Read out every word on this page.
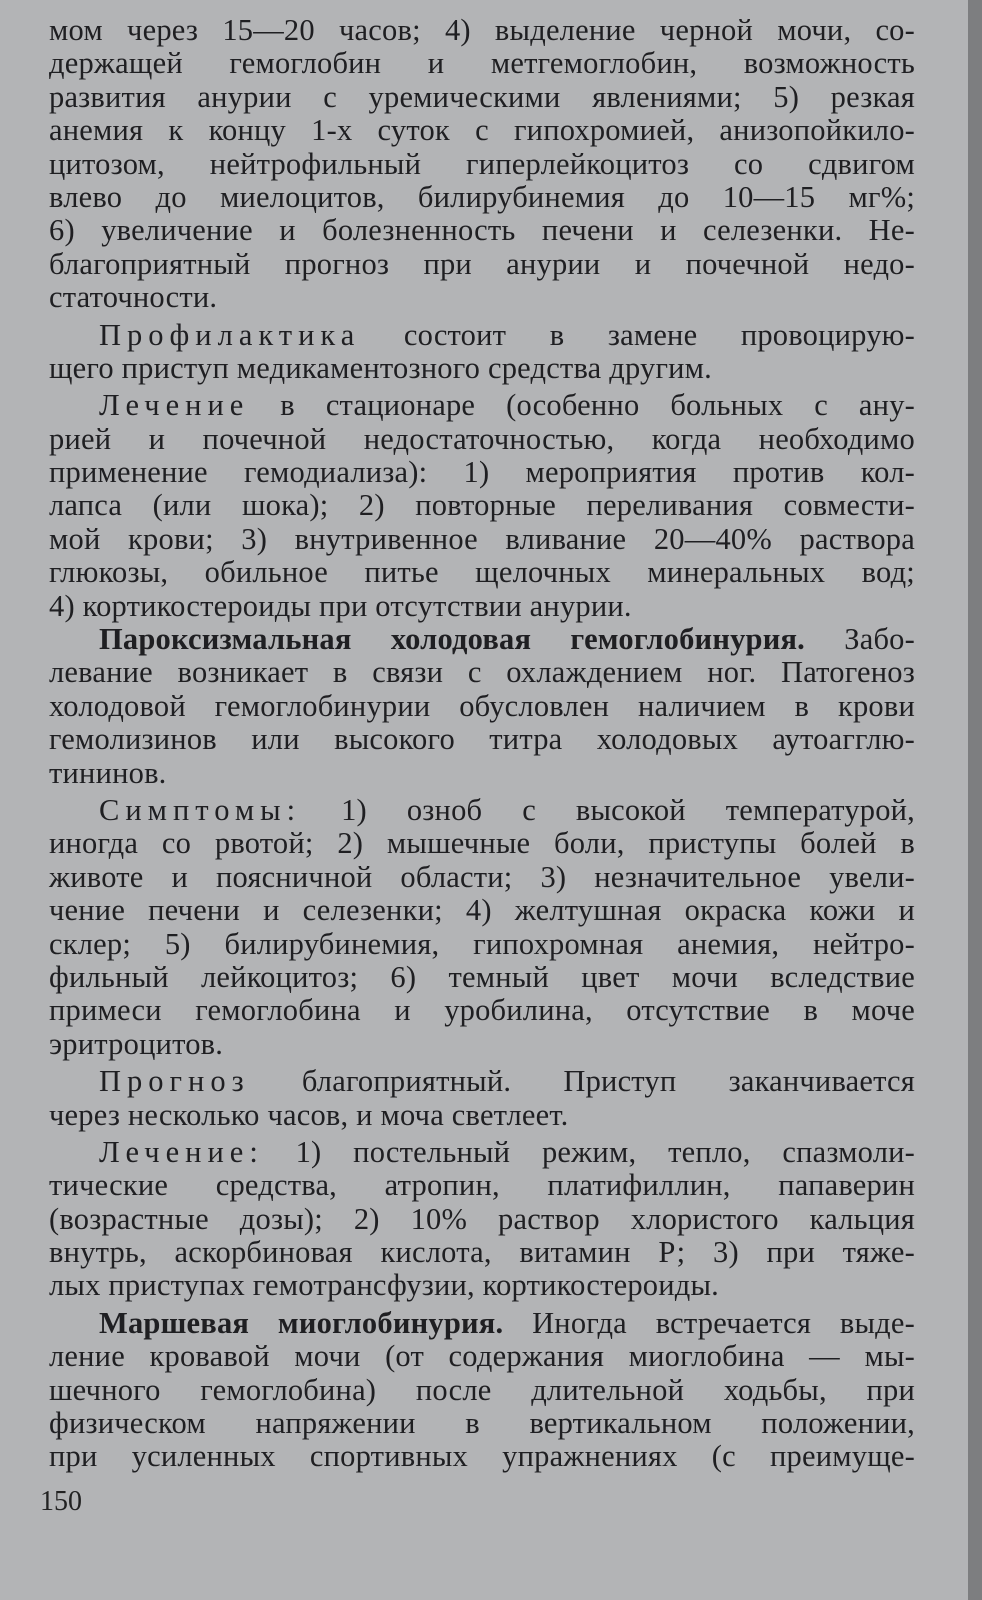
мом через 15—20 часов; 4) выделение черной мочи, со-
держащей гемоглобин и метгемоглобин, возможность
развития анурии с уремическими явлениями; 5) резкая
анемия к концу 1-х суток с гипохромией, анизопойкило-
цитозом, нейтрофильный гиперлейкоцитоз со сдвигом
влево до миелоцитов, билирубинемия до 10—15 мг%;
6) увеличение и болезненность печени и селезенки. Не-
благоприятный прогноз при анурии и почечной недо-
статочности.
Профилактика состоит в замене провоцирую-
щего приступ медикаментозного средства другим.
Лечение в стационаре (особенно больных с ану-
рией и почечной недостаточностью, когда необходимо
применение гемодиализа): 1) мероприятия против кол-
лапса (или шока); 2) повторные переливания совмести-
мой крови; 3) внутривенное вливание 20—40% раствора
глюкозы, обильное питье щелочных минеральных вод;
4) кортикостероиды при отсутствии анурии.
Пароксизмальная холодовая гемоглобинурия. Забо-
левание возникает в связи с охлаждением ног. Патогеноз
холодовой гемоглобинурии обусловлен наличием в крови
гемолизинов или высокого титра холодовых аутоагглю-
тининов.
Симптомы: 1) озноб с высокой температурой,
иногда со рвотой; 2) мышечные боли, приступы болей в
животе и поясничной области; 3) незначительное увели-
чение печени и селезенки; 4) желтушная окраска кожи и
склер; 5) билирубинемия, гипохромная анемия, нейтро-
фильный лейкоцитоз; 6) темный цвет мочи вследствие
примеси гемоглобина и уробилина, отсутствие в моче
эритроцитов.
Прогноз благоприятный. Приступ заканчивается
через несколько часов, и моча светлеет.
Лечение: 1) постельный режим, тепло, спазмоли-
тические средства, атропин, платифиллин, папаверин
(возрастные дозы); 2) 10% раствор хлористого кальция
внутрь, аскорбиновая кислота, витамин Р; 3) при тяже-
лых приступах гемотрансфузии, кортикостероиды.
Маршевая миоглобинурия. Иногда встречается выде-
ление кровавой мочи (от содержания миоглобина — мы-
шечного гемоглобина) после длительной ходьбы, при
физическом напряжении в вертикальном положении,
при усиленных спортивных упражнениях (с преимуще-
150
